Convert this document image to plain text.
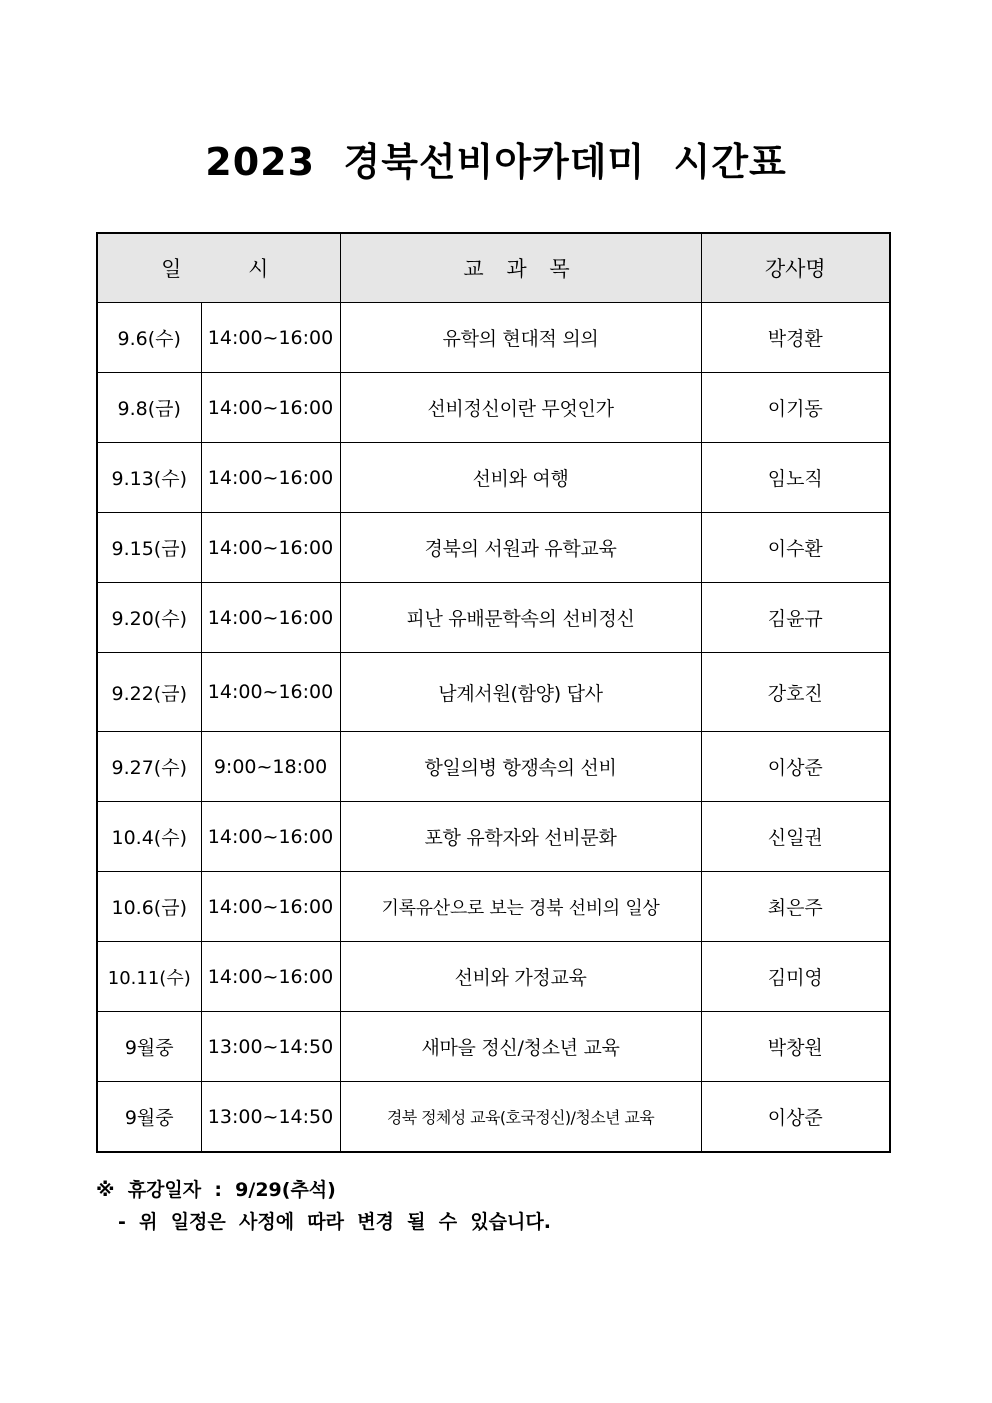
2023  경북선비아카데미  시간표
일    시		교 과 목	강사명
9.6(수)	14:00~16:00	유학의 현대적 의의	박경환
9.8(금)	14:00~16:00	선비정신이란 무엇인가	이기동
9.13(수)	14:00~16:00	선비와 여행	임노직
9.15(금)	14:00~16:00	경북의 서원과 유학교육	이수환
9.20(수)	14:00~16:00	피난 유배문학속의 선비정신	김윤규
9.22(금)	14:00~16:00	남계서원(함양) 답사	강호진
9.27(수)	9:00~18:00	항일의병 항쟁속의 선비	이상준
10.4(수)	14:00~16:00	포항 유학자와 선비문화	신일권
10.6(금)	14:00~16:00	기록유산으로 보는 경북 선비의 일상	최은주
10.11(수)	14:00~16:00	선비와 가정교육	김미영
9월중	13:00~14:50	새마을 정신/청소년 교육	박창원
9월중	13:00~14:50	경북 정체성 교육(호국정신)/청소년 교육	이상준
※  휴강일자  :  9/29(추석)
-  위  일정은  사정에  따라  변경  될  수  있습니다.
